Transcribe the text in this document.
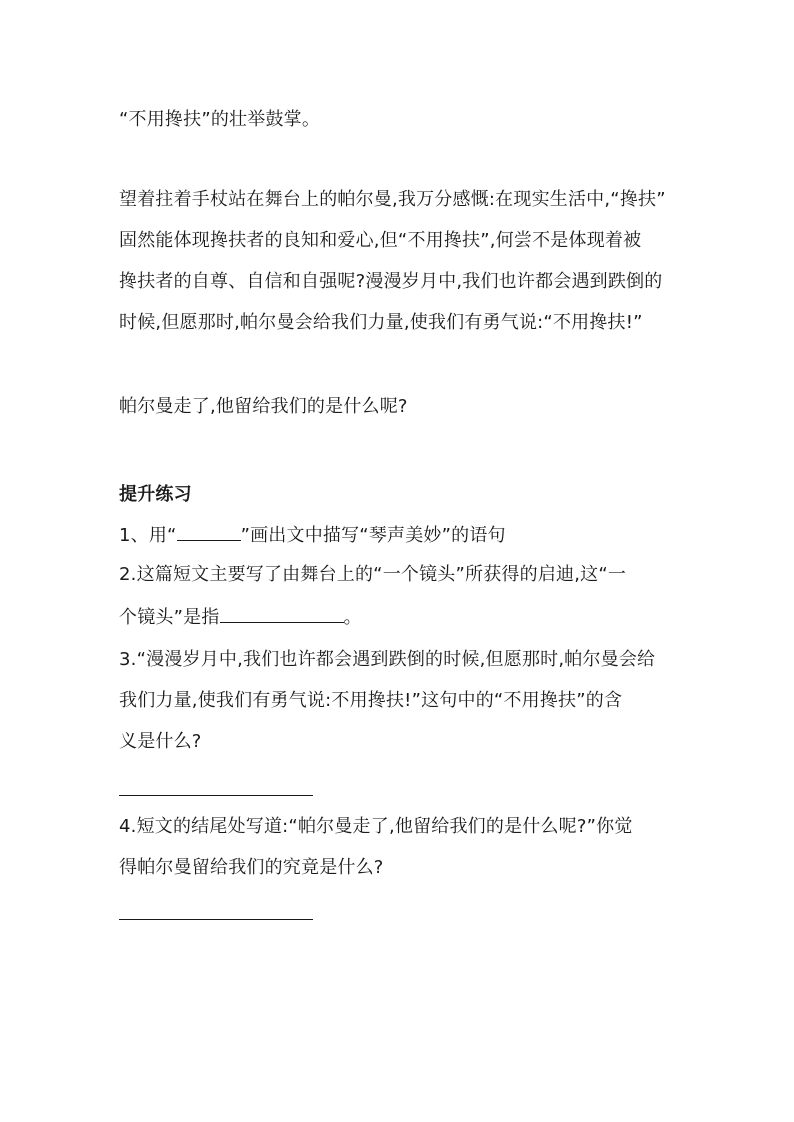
“不用搀扶”的壮举鼓掌。
望着拄着手杖站在舞台上的帕尔曼,我万分感慨:在现实生活中,“搀扶”
固然能体现搀扶者的良知和爱心,但“不用搀扶”,何尝不是体现着被
搀扶者的自尊、自信和自强呢?漫漫岁月中,我们也许都会遇到跌倒的
时候,但愿那时,帕尔曼会给我们力量,使我们有勇气说:“不用搀扶!”
帕尔曼走了,他留给我们的是什么呢?
提升练习
1、用“	”画出文中描写“琴声美妙”的语句
2.这篇短文主要写了由舞台上的“一个镜头”所获得的启迪,这“一
个镜头”是指	。
3.“漫漫岁月中,我们也许都会遇到跌倒的时候,但愿那时,帕尔曼会给
我们力量,使我们有勇气说:不用搀扶!”这句中的“不用搀扶”的含
义是什么?
4.短文的结尾处写道:“帕尔曼走了,他留给我们的是什么呢?”你觉
得帕尔曼留给我们的究竟是什么?
